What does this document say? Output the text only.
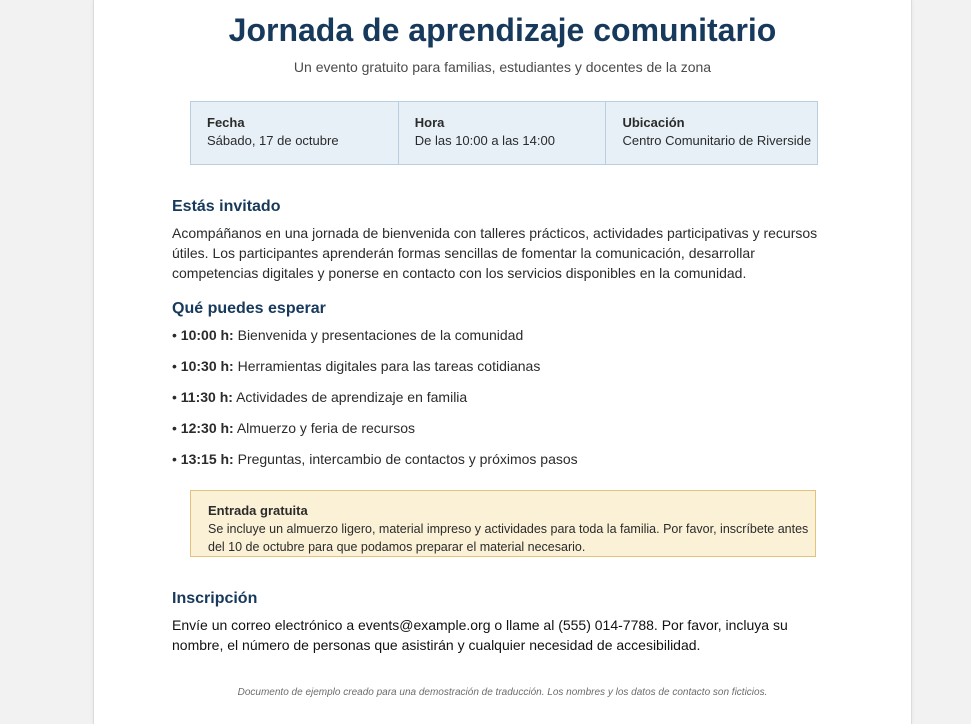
Jornada de aprendizaje comunitario
Un evento gratuito para familias, estudiantes y docentes de la zona
Fecha
Sábado, 17 de octubre
Hora
De las 10:00 a las 14:00
Ubicación
Centro Comunitario de Riverside
Estás invitado

Acompáñanos en una jornada de bienvenida con talleres prácticos, actividades participativas y recursos útiles. Los participantes aprenderán formas sencillas de fomentar la comunicación, desarrollar competencias digitales y ponerse en contacto con los servicios disponibles en la comunidad.

Qué puedes esperar
• 10:00 h: Bienvenida y presentaciones de la comunidad
• 10:30 h: Herramientas digitales para las tareas cotidianas
• 11:30 h: Actividades de aprendizaje en familia
• 12:30 h: Almuerzo y feria de recursos
• 13:15 h: Preguntas, intercambio de contactos y próximos pasos
Entrada gratuita
Se incluye un almuerzo ligero, material impreso y actividades para toda la familia. Por favor, inscríbete antes del 10 de octubre para que podamos preparar el material necesario.
Inscripción

Envíe un correo electrónico a events@example.org o llame al (555) 014-7788. Por favor, incluya su nombre, el número de personas que asistirán y cualquier necesidad de accesibilidad.

Documento de ejemplo creado para una demostración de traducción. Los nombres y los datos de contacto son ficticios.
